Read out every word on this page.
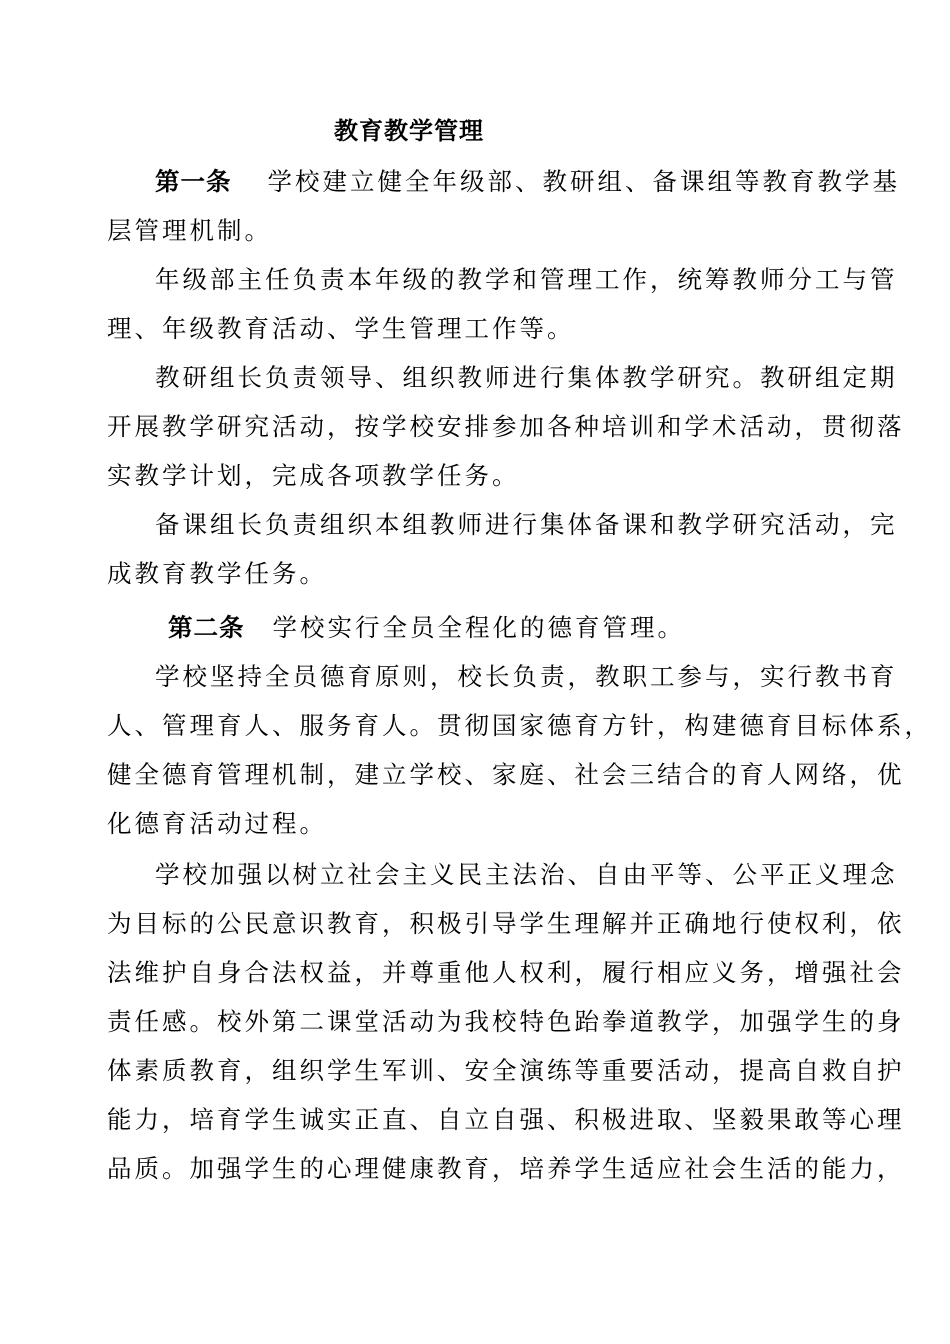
教育教学管理
第一条 学校建立健全年级部、教研组、备课组等教育教学基
层管理机制。
年级部主任负责本年级的教学和管理工作，统筹教师分工与管
理、年级教育活动、学生管理工作等。
教研组长负责领导、组织教师进行集体教学研究。教研组定期
开展教学研究活动，按学校安排参加各种培训和学术活动，贯彻落
实教学计划，完成各项教学任务。
备课组长负责组织本组教师进行集体备课和教学研究活动，完
成教育教学任务。
第二条 学校实行全员全程化的德育管理。
学校坚持全员德育原则，校长负责，教职工参与，实行教书育
人、管理育人、服务育人。贯彻国家德育方针，构建德育目标体系，
健全德育管理机制，建立学校、家庭、社会三结合的育人网络，优
化德育活动过程。
学校加强以树立社会主义民主法治、自由平等、公平正义理念
为目标的公民意识教育，积极引导学生理解并正确地行使权利，依
法维护自身合法权益，并尊重他人权利，履行相应义务，增强社会
责任感。校外第二课堂活动为我校特色跆拳道教学，加强学生的身
体素质教育，组织学生军训、安全演练等重要活动，提高自救自护
能力，培育学生诚实正直、自立自强、积极进取、坚毅果敢等心理
品质。加强学生的心理健康教育，培养学生适应社会生活的能力，
